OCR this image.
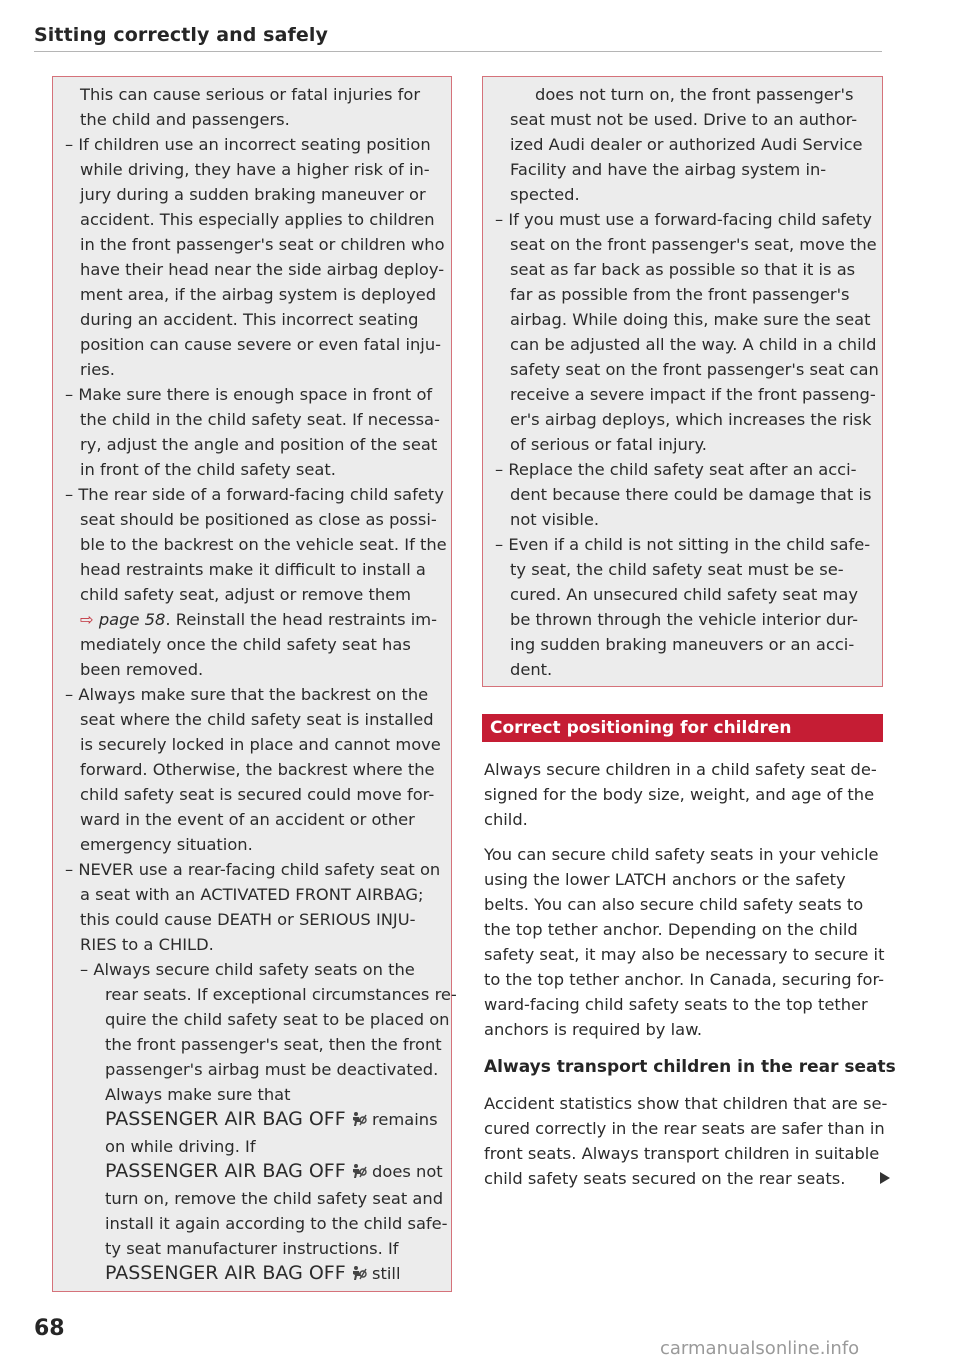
Sitting correctly and safely
This can cause serious or fatal injuries for
the child and passengers.
– If children use an incorrect seating position
while driving, they have a higher risk of in-
jury during a sudden braking maneuver or
accident. This especially applies to children
in the front passenger's seat or children who
have their head near the side airbag deploy-
ment area, if the airbag system is deployed
during an accident. This incorrect seating
position can cause severe or even fatal inju-
ries.
– Make sure there is enough space in front of
the child in the child safety seat. If necessa-
ry, adjust the angle and position of the seat
in front of the child safety seat.
– The rear side of a forward-facing child safety
seat should be positioned as close as possi-
ble to the backrest on the vehicle seat. If the
head restraints make it difficult to install a
child safety seat, adjust or remove them
⇨ page 58. Reinstall the head restraints im-
mediately once the child safety seat has
been removed.
– Always make sure that the backrest on the
seat where the child safety seat is installed
is securely locked in place and cannot move
forward. Otherwise, the backrest where the
child safety seat is secured could move for-
ward in the event of an accident or other
emergency situation.
– NEVER use a rear-facing child safety seat on
a seat with an ACTIVATED FRONT AIRBAG;
this could cause DEATH or SERIOUS INJU-
RIES to a CHILD.
– Always secure child safety seats on the
rear seats. If exceptional circumstances re-
quire the child safety seat to be placed on
the front passenger's seat, then the front
passenger's airbag must be deactivated.
Always make sure that
PASSENGER AIR BAG OFF  remains
on while driving. If
PASSENGER AIR BAG OFF  does not
turn on, remove the child safety seat and
install it again according to the child safe-
ty seat manufacturer instructions. If
PASSENGER AIR BAG OFF  still
does not turn on, the front passenger's
seat must not be used. Drive to an author-
ized Audi dealer or authorized Audi Service
Facility and have the airbag system in-
spected.
– If you must use a forward-facing child safety
seat on the front passenger's seat, move the
seat as far back as possible so that it is as
far as possible from the front passenger's
airbag. While doing this, make sure the seat
can be adjusted all the way. A child in a child
safety seat on the front passenger's seat can
receive a severe impact if the front passeng-
er's airbag deploys, which increases the risk
of serious or fatal injury.
– Replace the child safety seat after an acci-
dent because there could be damage that is
not visible.
– Even if a child is not sitting in the child safe-
ty seat, the child safety seat must be se-
cured. An unsecured child safety seat may
be thrown through the vehicle interior dur-
ing sudden braking maneuvers or an acci-
dent.
Correct positioning for children
Always secure children in a child safety seat de-
signed for the body size, weight, and age of the
child.
You can secure child safety seats in your vehicle
using the lower LATCH anchors or the safety
belts. You can also secure child safety seats to
the top tether anchor. Depending on the child
safety seat, it may also be necessary to secure it
to the top tether anchor. In Canada, securing for-
ward-facing child safety seats to the top tether
anchors is required by law.
Always transport children in the rear seats
Accident statistics show that children that are se-
cured correctly in the rear seats are safer than in
front seats. Always transport children in suitable
child safety seats secured on the rear seats.
68
carmanualsonline.info
